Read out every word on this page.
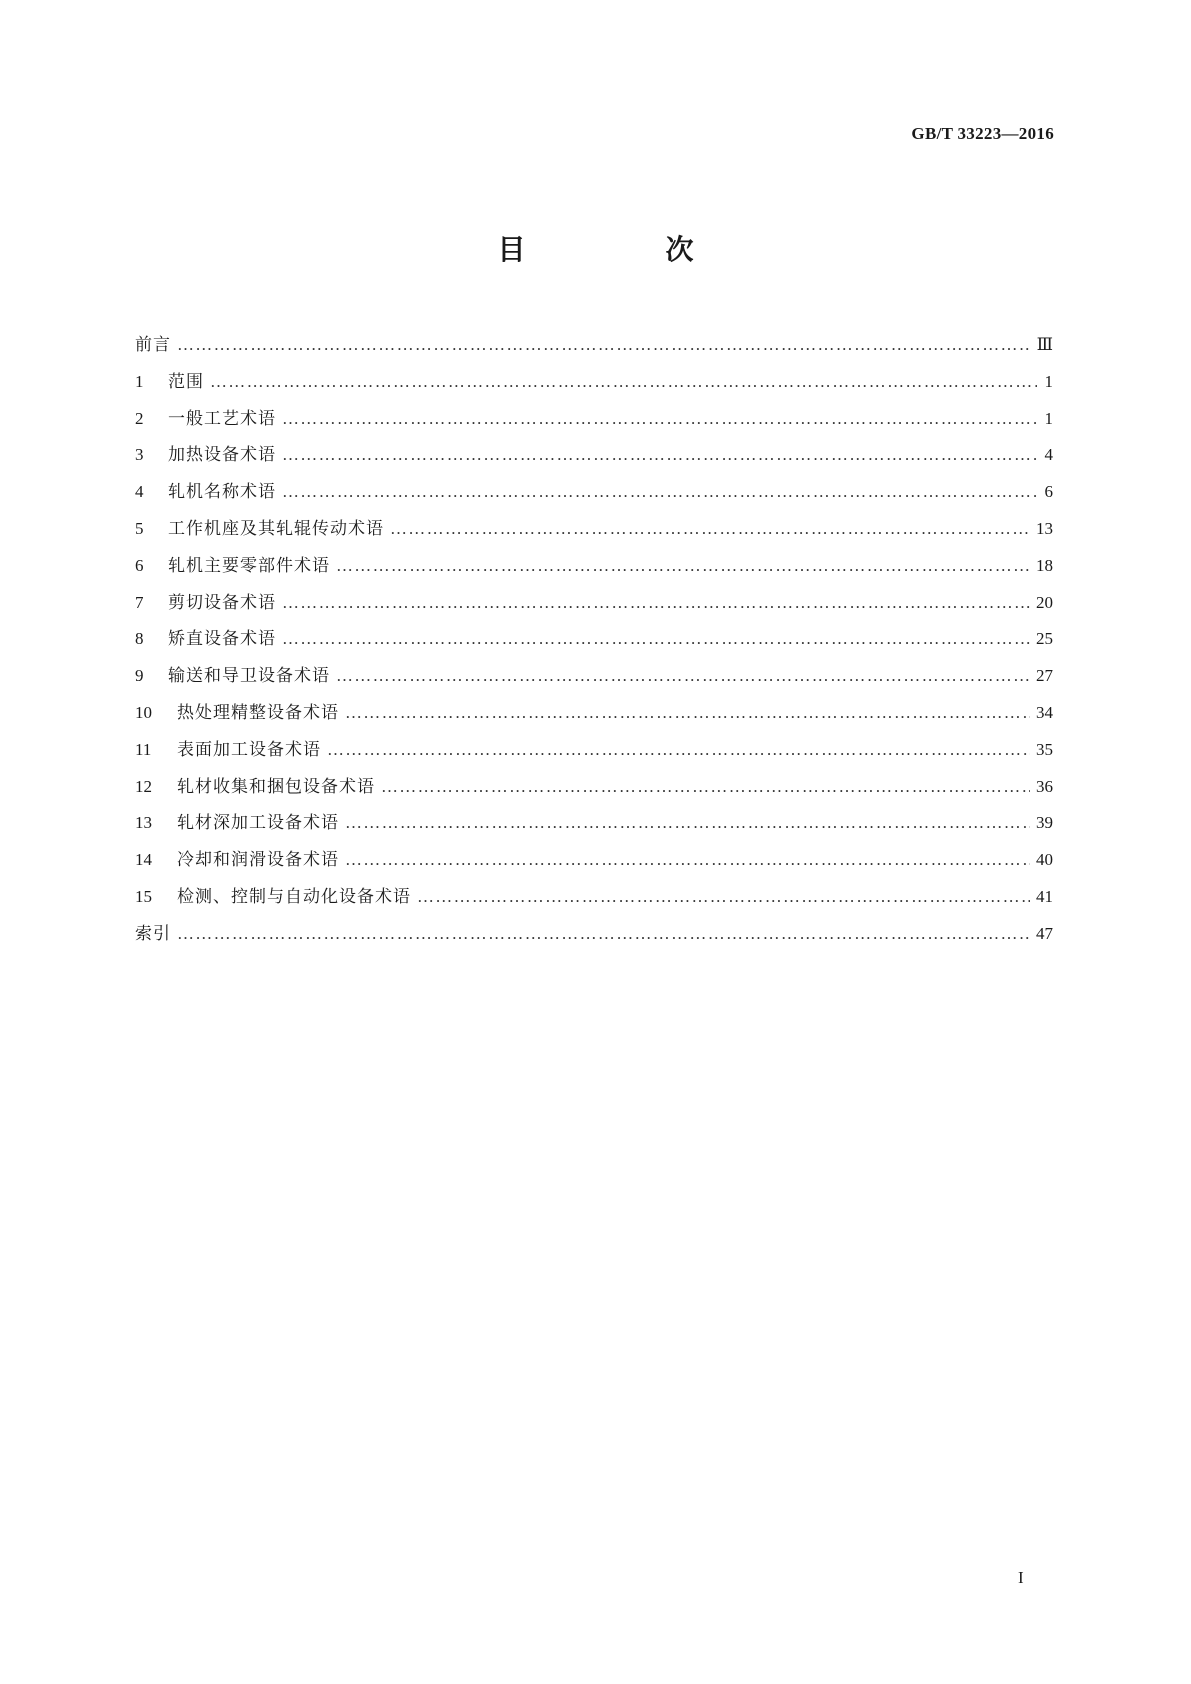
GB/T 33223—2016
目　次
前言 ……………………………………………………………………………………………………………………………………………………………………………………………………………………………………………………	Ⅲ
1	范围 ……………………………………………………………………………………………………………………………………………………………………………………………………………………………………………………	1
2	一般工艺术语 ……………………………………………………………………………………………………………………………………………………………………………………………………………………………………………………	1
3	加热设备术语 ……………………………………………………………………………………………………………………………………………………………………………………………………………………………………………………	4
4	轧机名称术语 ……………………………………………………………………………………………………………………………………………………………………………………………………………………………………………………	6
5	工作机座及其轧辊传动术语 ……………………………………………………………………………………………………………………………………………………………………………………………………………………………………………………	13
6	轧机主要零部件术语 ……………………………………………………………………………………………………………………………………………………………………………………………………………………………………………………	18
7	剪切设备术语 ……………………………………………………………………………………………………………………………………………………………………………………………………………………………………………………	20
8	矫直设备术语 ……………………………………………………………………………………………………………………………………………………………………………………………………………………………………………………	25
9	输送和导卫设备术语 ……………………………………………………………………………………………………………………………………………………………………………………………………………………………………………………	27
10	热处理精整设备术语 ……………………………………………………………………………………………………………………………………………………………………………………………………………………………………………………	34
11	表面加工设备术语 ……………………………………………………………………………………………………………………………………………………………………………………………………………………………………………………	35
12	轧材收集和捆包设备术语 ……………………………………………………………………………………………………………………………………………………………………………………………………………………………………………………	36
13	轧材深加工设备术语 ……………………………………………………………………………………………………………………………………………………………………………………………………………………………………………………	39
14	冷却和润滑设备术语 ……………………………………………………………………………………………………………………………………………………………………………………………………………………………………………………	40
15	检测、控制与自动化设备术语 ……………………………………………………………………………………………………………………………………………………………………………………………………………………………………………………	41
索引 ……………………………………………………………………………………………………………………………………………………………………………………………………………………………………………………	47
I
